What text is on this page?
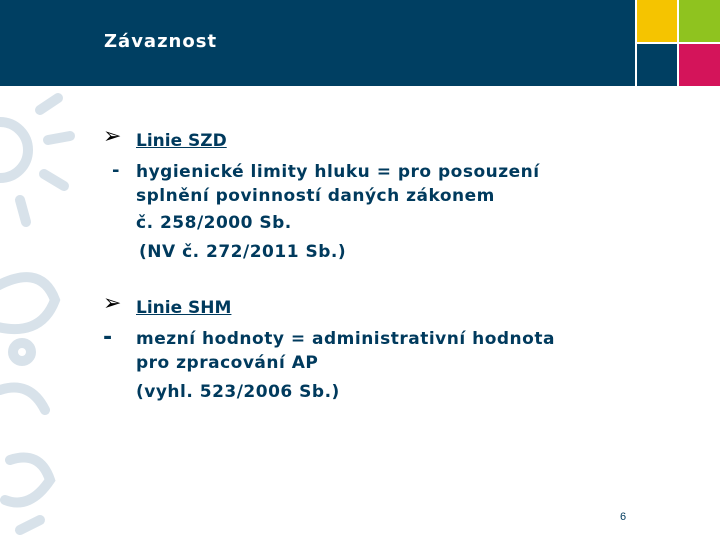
Závaznost
➢ Linie SZD
- hygienické limity hluku = pro posouzení
splnění povinností daných zákonem
č. 258/2000 Sb.
(NV č. 272/2011 Sb.)
➢ Linie SHM
- mezní hodnoty = administrativní hodnota
pro zpracování AP
(vyhl. 523/2006 Sb.)
6
